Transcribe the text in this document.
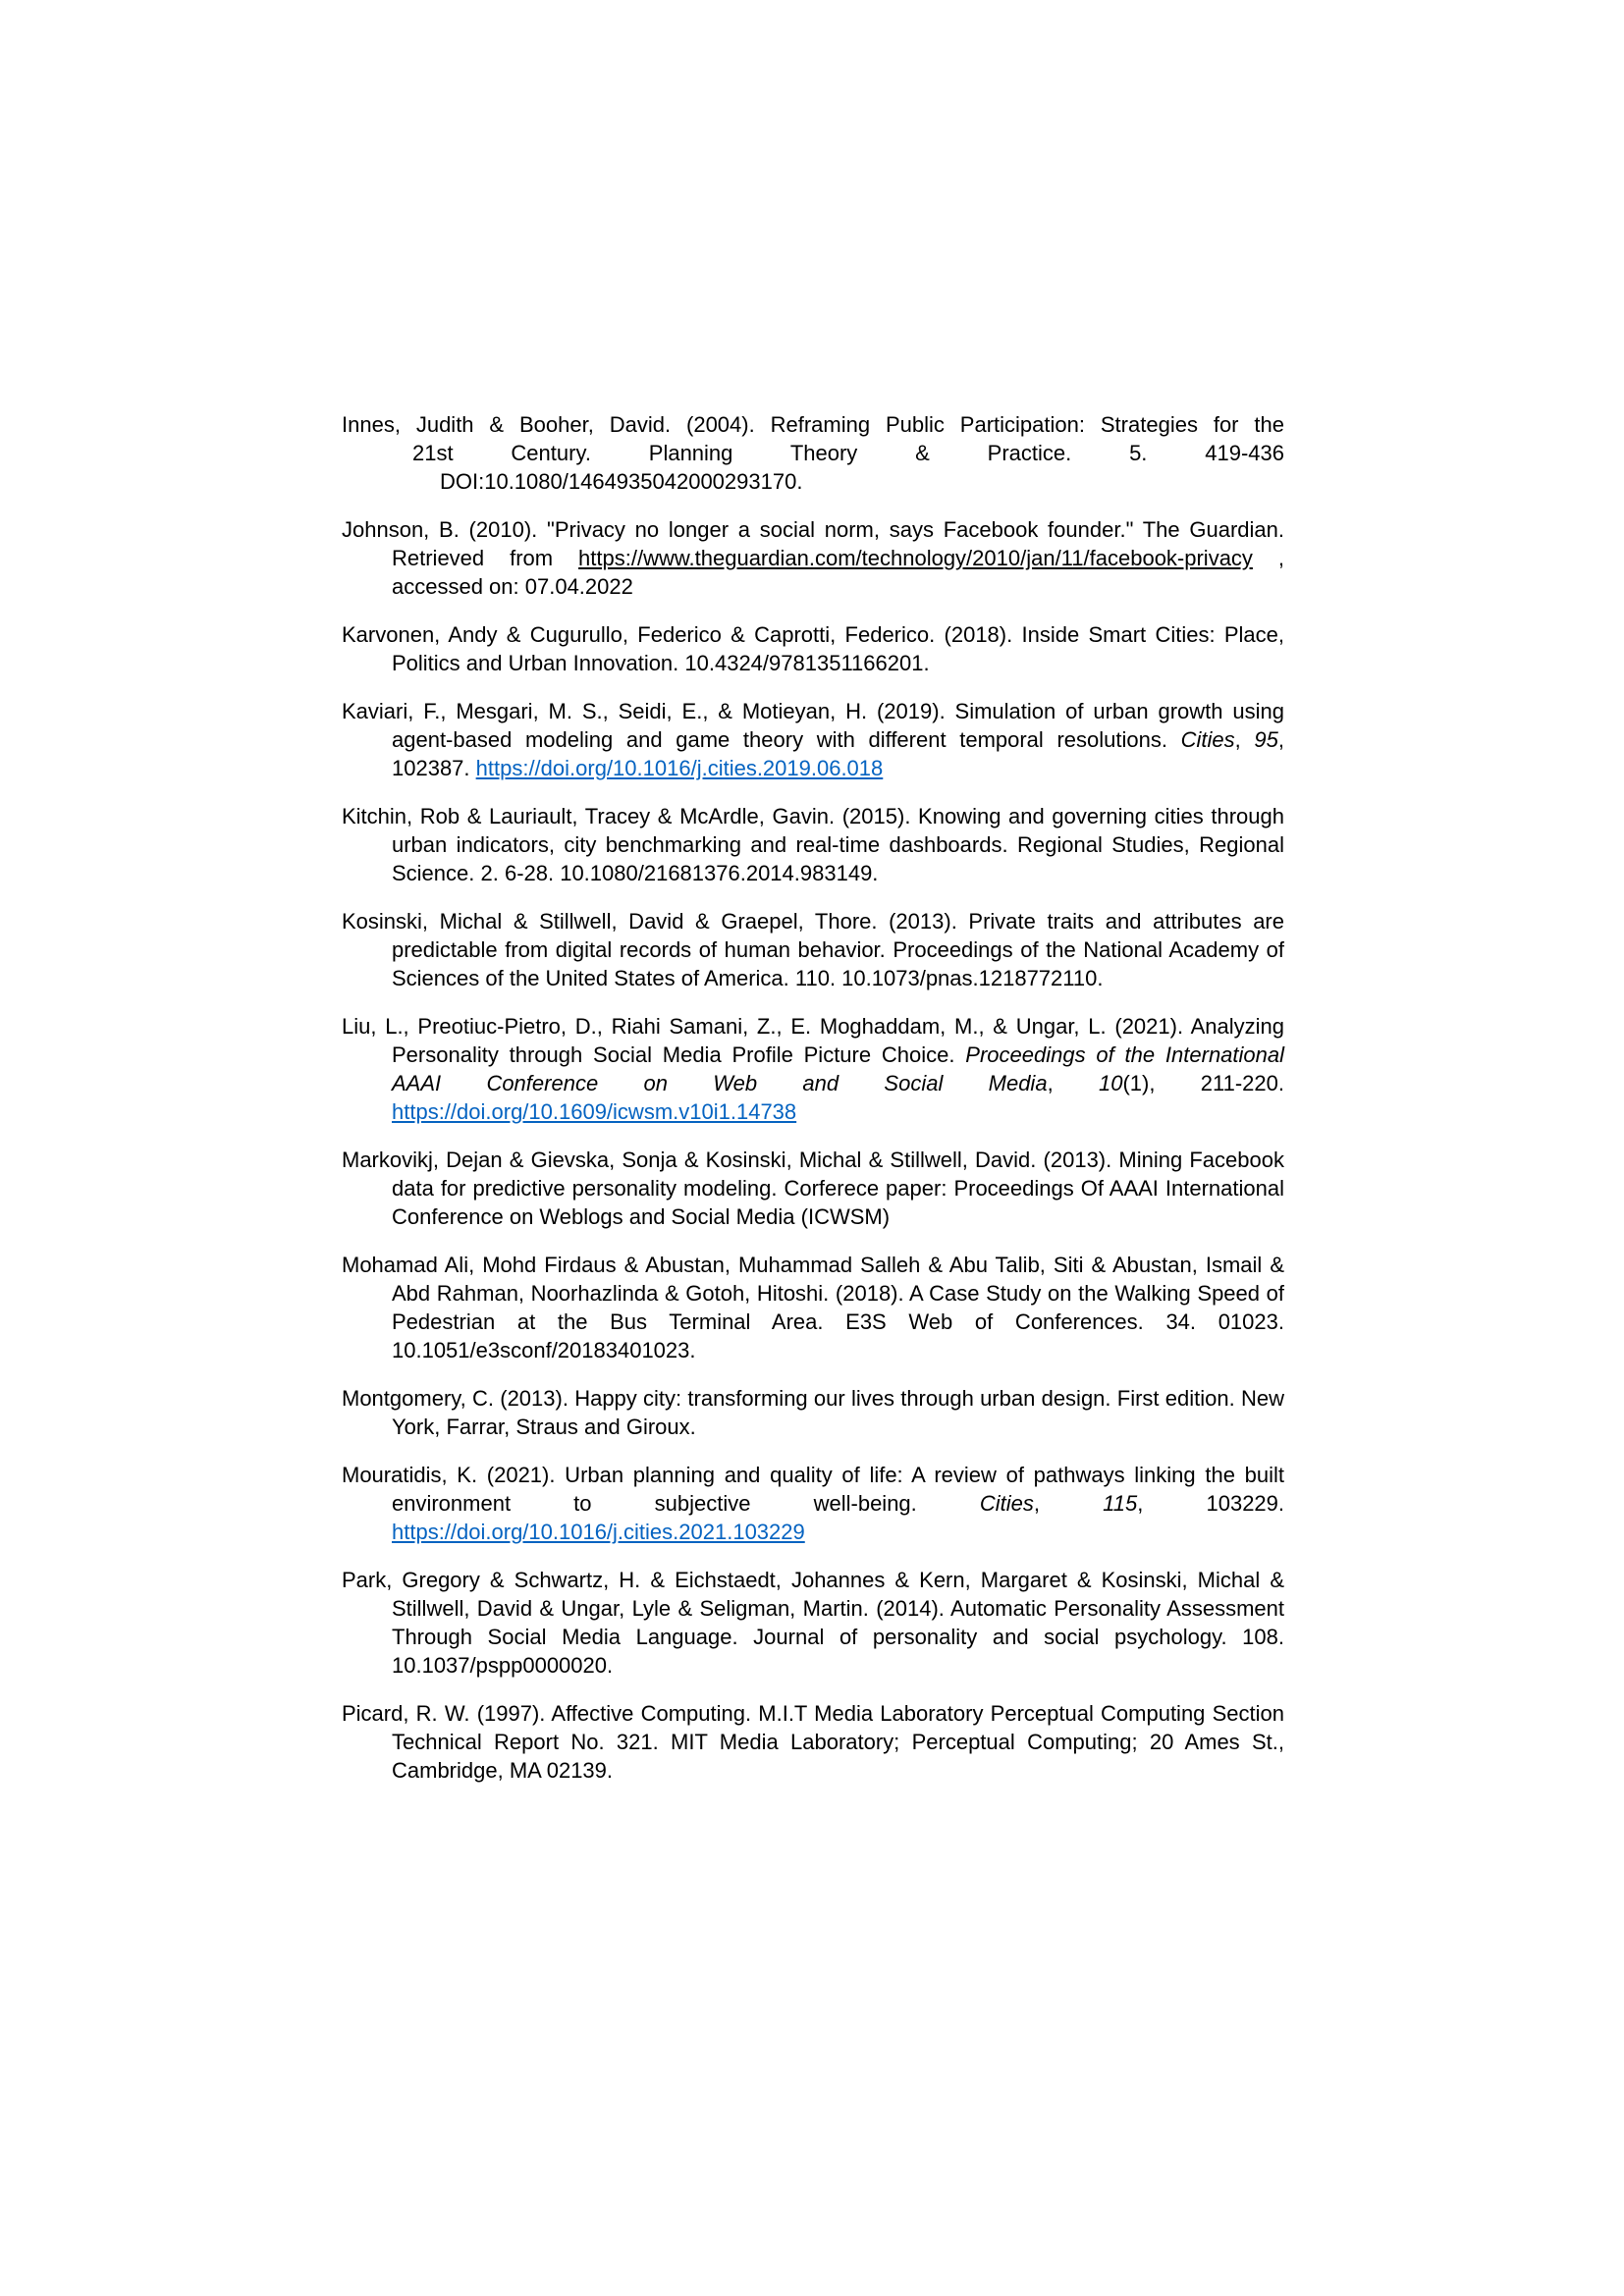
Innes, Judith & Booher, David. (2004). Reframing Public Participation: Strategies for the
21st Century. Planning Theory & Practice. 5. 419-436
DOI:10.1080/1464935042000293170.

Johnson, B. (2010). "Privacy no longer a social norm, says Facebook founder." The Guardian. Retrieved from https://www.theguardian.com/technology/2010/jan/11/facebook-privacy , accessed on: 07.04.2022

Karvonen, Andy & Cugurullo, Federico & Caprotti, Federico. (2018). Inside Smart Cities: Place, Politics and Urban Innovation. 10.4324/9781351166201.

Kaviari, F., Mesgari, M. S., Seidi, E., & Motieyan, H. (2019). Simulation of urban growth using agent-based modeling and game theory with different temporal resolutions. Cities, 95, 102387. https://doi.org/10.1016/j.cities.2019.06.018

Kitchin, Rob & Lauriault, Tracey & McArdle, Gavin. (2015). Knowing and governing cities through urban indicators, city benchmarking and real-time dashboards. Regional Studies, Regional Science. 2. 6-28. 10.1080/21681376.2014.983149.

Kosinski, Michal & Stillwell, David & Graepel, Thore. (2013). Private traits and attributes are predictable from digital records of human behavior. Proceedings of the National Academy of Sciences of the United States of America. 110. 10.1073/pnas.1218772110.

Liu, L., Preotiuc-Pietro, D., Riahi Samani, Z., E. Moghaddam, M., & Ungar, L. (2021). Analyzing Personality through Social Media Profile Picture Choice. Proceedings of the International AAAI Conference on Web and Social Media, 10(1), 211-220. https://doi.org/10.1609/icwsm.v10i1.14738

Markovikj, Dejan & Gievska, Sonja & Kosinski, Michal & Stillwell, David. (2013). Mining Facebook data for predictive personality modeling. Corferece paper: Proceedings Of AAAI International Conference on Weblogs and Social Media (ICWSM)

Mohamad Ali, Mohd Firdaus & Abustan, Muhammad Salleh & Abu Talib, Siti & Abustan, Ismail & Abd Rahman, Noorhazlinda & Gotoh, Hitoshi. (2018). A Case Study on the Walking Speed of Pedestrian at the Bus Terminal Area. E3S Web of Conferences. 34. 01023. 10.1051/e3sconf/20183401023.

Montgomery, C. (2013). Happy city: transforming our lives through urban design. First edition. New York, Farrar, Straus and Giroux.

Mouratidis, K. (2021). Urban planning and quality of life: A review of pathways linking the built environment to subjective well-being. Cities, 115, 103229. https://doi.org/10.1016/j.cities.2021.103229

Park, Gregory & Schwartz, H. & Eichstaedt, Johannes & Kern, Margaret & Kosinski, Michal & Stillwell, David & Ungar, Lyle & Seligman, Martin. (2014). Automatic Personality Assessment Through Social Media Language. Journal of personality and social psychology. 108. 10.1037/pspp0000020.

Picard, R. W. (1997). Affective Computing. M.I.T Media Laboratory Perceptual Computing Section Technical Report No. 321. MIT Media Laboratory; Perceptual Computing; 20 Ames St., Cambridge, MA 02139.
